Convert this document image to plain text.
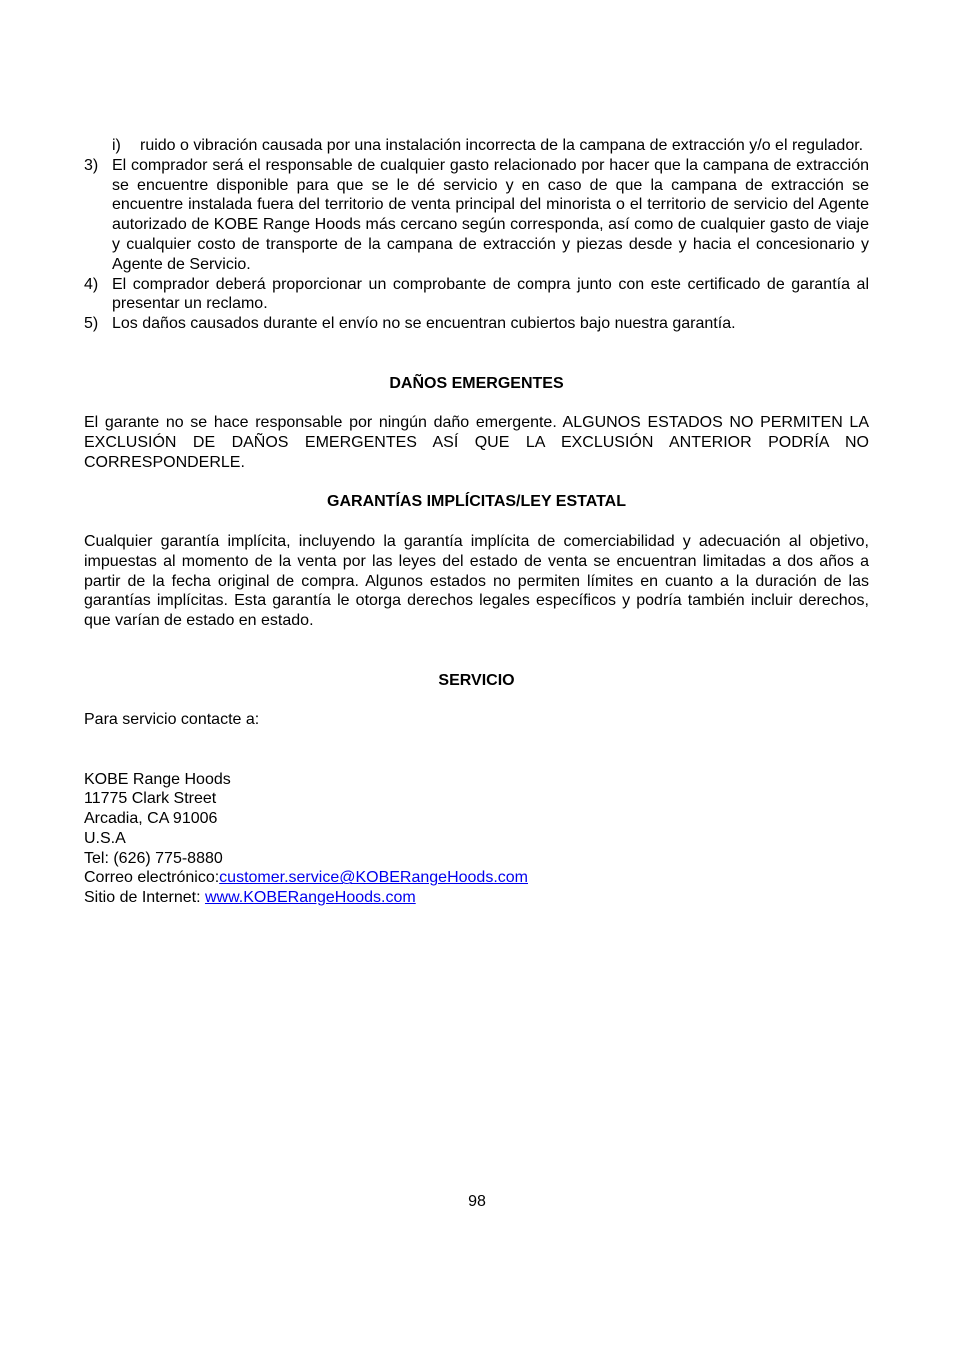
i) ruido o vibración causada por una instalación incorrecta de la campana de extracción y/o el regulador.
3) El comprador será el responsable de cualquier gasto relacionado por hacer que la campana de extracción se encuentre disponible para que se le dé servicio y en caso de que la campana de extracción se encuentre instalada fuera del territorio de venta principal del minorista o el territorio de servicio del Agente autorizado de KOBE Range Hoods más cercano según corresponda, así como de cualquier gasto de viaje y cualquier costo de transporte de la campana de extracción y piezas desde y hacia el concesionario y Agente de Servicio.
4) El comprador deberá proporcionar un comprobante de compra junto con este certificado de garantía al presentar un reclamo.
5) Los daños causados durante el envío no se encuentran cubiertos bajo nuestra garantía.
DAÑOS EMERGENTES
El garante no se hace responsable por ningún daño emergente. ALGUNOS ESTADOS NO PERMITEN LA EXCLUSIÓN DE DAÑOS EMERGENTES ASÍ QUE LA EXCLUSIÓN ANTERIOR PODRÍA NO CORRESPONDERLE.
GARANTÍAS IMPLÍCITAS/LEY ESTATAL
Cualquier garantía implícita, incluyendo la garantía implícita de comerciabilidad y adecuación al objetivo, impuestas al momento de la venta por las leyes del estado de venta se encuentran limitadas a dos años a partir de la fecha original de compra. Algunos estados no permiten límites en cuanto a la duración de las garantías implícitas. Esta garantía le otorga derechos legales específicos y podría también incluir derechos, que varían de estado en estado.
SERVICIO
Para servicio contacte a:
KOBE Range Hoods
11775 Clark Street
Arcadia, CA 91006
U.S.A
Tel: (626) 775-8880
Correo electrónico:customer.service@KOBERangeHoods.com
Sitio de Internet: www.KOBERangeHoods.com
98
